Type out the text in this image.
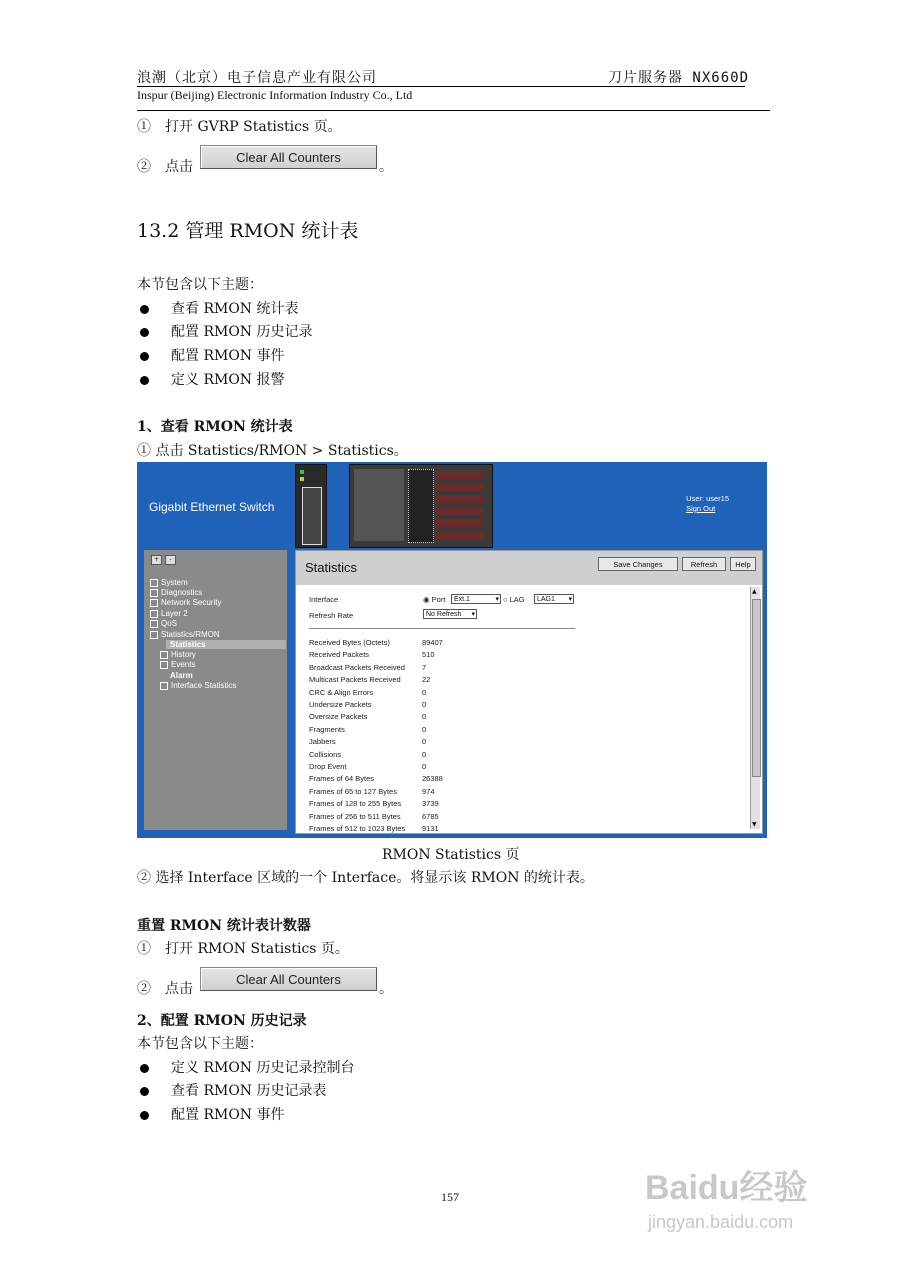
浪潮（北京）电子信息产业有限公司	刀片服务器 NX660D
Inspur (Beijing) Electronic Information Industry Co., Ltd
①　打开 GVRP Statistics 页。
②　点击
Clear All Counters
。
13.2 管理 RMON 统计表
本节包含以下主题：
查看 RMON 统计表
配置 RMON 历史记录
配置 RMON 事件
定义 RMON 报警
1、查看 RMON 统计表
① 点击 Statistics/RMON > Statistics。
Gigabit Ethernet Switch
User: user15
Sign Out
+	-
System
Diagnostics
Network Security
Layer 2
QoS
Statistics/RMON
Statistics
History
Events
Alarm
Interface Statistics
Statistics	Save Changes	Refresh	Help
Interface	◉ Port	Ext.1 ▾	○ LAG	LAG1 ▾
Refresh Rate	No Refresh ▾
Received Bytes (Octets)	89407
Received Packets	510
Broadcast Packets Received 7
Multicast Packets Received	22
CRC & Align Errors	0
Undersize Packets	0
Oversize Packets	0
Fragments	0
Jabbers	0
Collisions	0
Drop Event	0
Frames of 64 Bytes	26388
Frames of 65 to 127 Bytes	974
Frames of 128 to 255 Bytes	3739
Frames of 256 to 511 Bytes	6785
Frames of 512 to 1023 Bytes 9131
▲
▼
RMON Statistics 页
② 选择 Interface 区域的一个 Interface。将显示该 RMON 的统计表。
重置 RMON 统计表计数器
①　打开 RMON Statistics 页。
②　点击
Clear All Counters
。
2、配置 RMON 历史记录
本节包含以下主题：
定义 RMON 历史记录控制台
查看 RMON 历史记录表
配置 RMON 事件
157	Baidu经验
jingyan.baidu.com
